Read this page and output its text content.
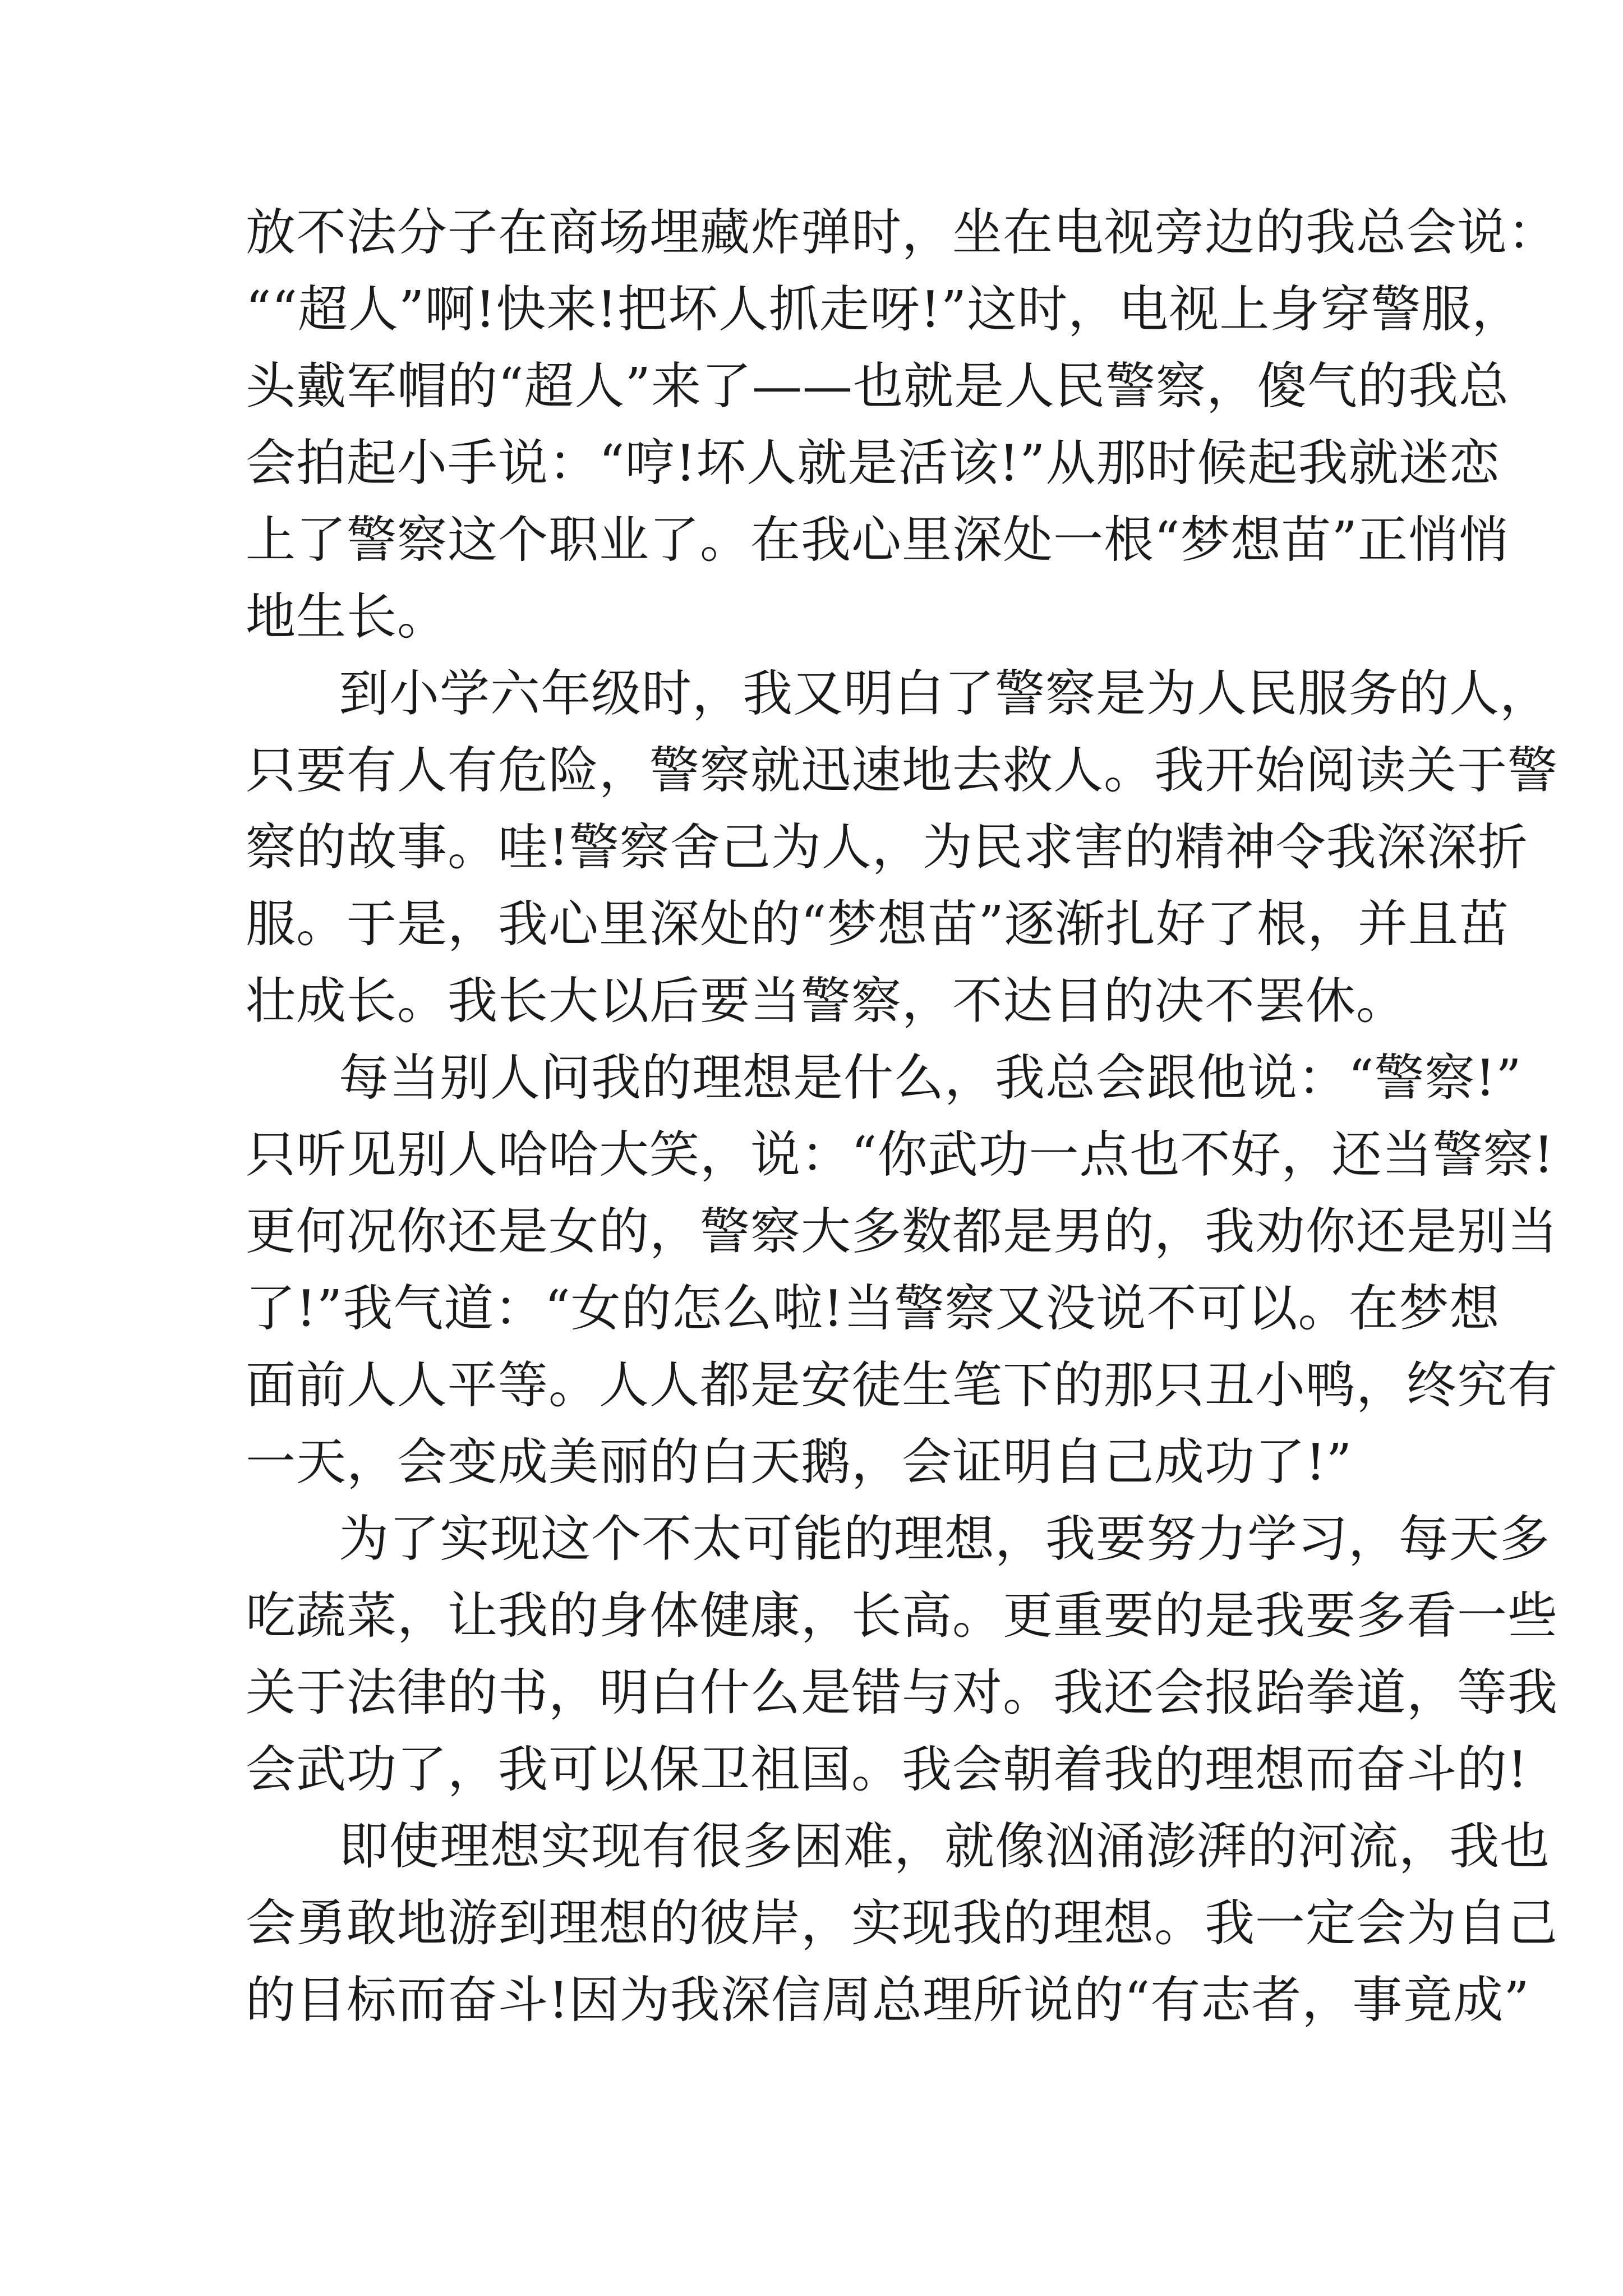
放不法分子在商场埋藏炸弹时，坐在电视旁边的我总会说：
““超人”啊!快来!把坏人抓走呀!”这时，电视上身穿警服，
头戴军帽的“超人”来了——也就是人民警察，傻气的我总
会拍起小手说：“哼!坏人就是活该!”从那时候起我就迷恋
上了警察这个职业了。在我心里深处一根“梦想苗”正悄悄
地生长。
到小学六年级时，我又明白了警察是为人民服务的人，
只要有人有危险，警察就迅速地去救人。我开始阅读关于警
察的故事。哇!警察舍己为人，为民求害的精神令我深深折
服。于是，我心里深处的“梦想苗”逐渐扎好了根，并且茁
壮成长。我长大以后要当警察，不达目的决不罢休。
每当别人问我的理想是什么，我总会跟他说：“警察!”
只听见别人哈哈大笑，说：“你武功一点也不好，还当警察!
更何况你还是女的，警察大多数都是男的，我劝你还是别当
了!”我气道：“女的怎么啦!当警察又没说不可以。在梦想
面前人人平等。人人都是安徒生笔下的那只丑小鸭，终究有
一天，会变成美丽的白天鹅，会证明自己成功了!”
为了实现这个不太可能的理想，我要努力学习，每天多
吃蔬菜，让我的身体健康，长高。更重要的是我要多看一些
关于法律的书，明白什么是错与对。我还会报跆拳道，等我
会武功了，我可以保卫祖国。我会朝着我的理想而奋斗的!
即使理想实现有很多困难，就像汹涌澎湃的河流，我也
会勇敢地游到理想的彼岸，实现我的理想。我一定会为自己
的目标而奋斗!因为我深信周总理所说的“有志者，事竟成”
